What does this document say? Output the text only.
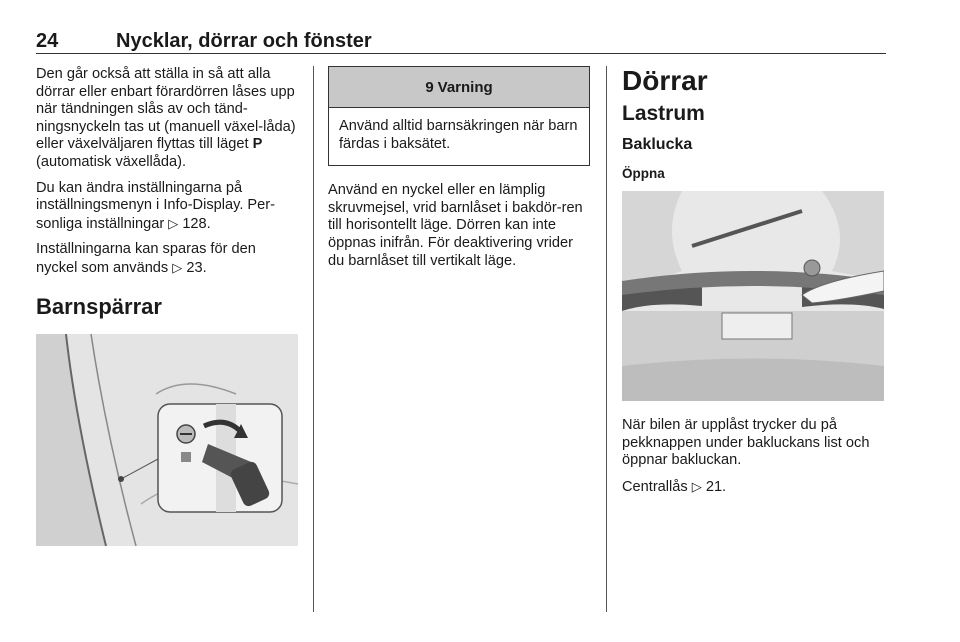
24	Nycklar, dörrar och fönster

Den går också att ställa in så att alla dörrar eller enbart förardörren låses upp när tändningen slås av och tänd-ningsnyckeln tas ut (manuell växel-låda) eller växelväljaren flyttas till läget P (automatisk växellåda).

Du kan ändra inställningarna på inställningsmenyn i Info-Display. Per-sonliga inställningar ▷ 128.

Inställningarna kan sparas för den nyckel som används ▷ 23.

Barnspärrar
9 Varning

Använd alltid barnsäkringen när barn färdas i baksätet.

Använd en nyckel eller en lämplig skruvmejsel, vrid barnlåset i bakdör-ren till horisontellt läge. Dörren kan inte öppnas inifrån. För deaktivering vrider du barnlåset till vertikalt läge.

Dörrar
Lastrum
Baklucka
Öppna

När bilen är upplåst trycker du på pekknappen under bakluckans list och öppnar bakluckan.

Centrallås ▷ 21.
